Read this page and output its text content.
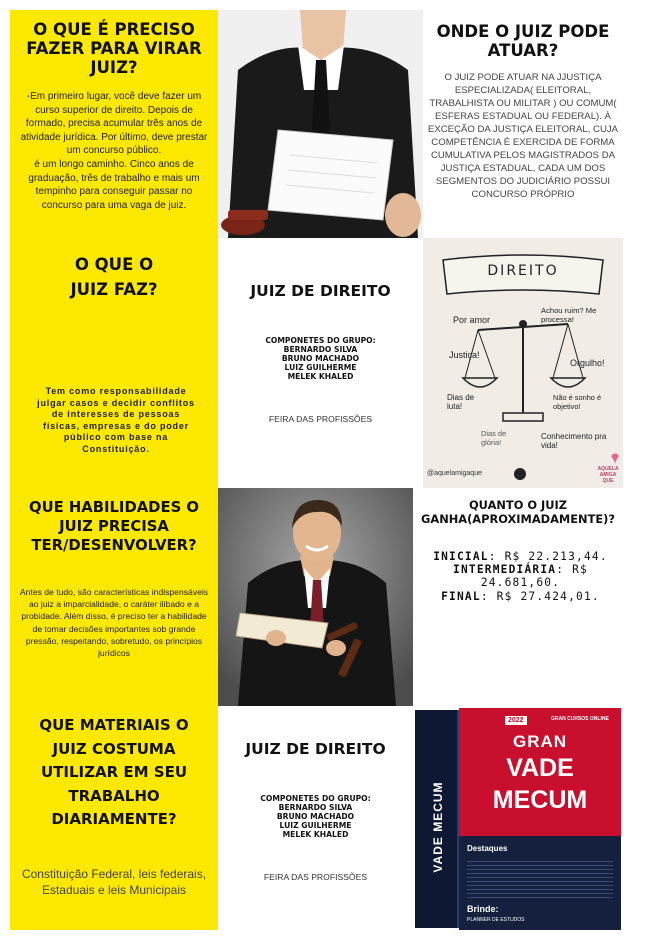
O QUE É PRECISO FAZER PARA VIRAR JUIZ?
-Em primeiro lugar, você deve fazer um curso superior de direito. Depois de formado, precisa acumular três anos de atividade jurídica. Por último, deve prestar um concurso público.
é um longo caminho. Cinco anos de graduação, três de trabalho e mais um tempinho para conseguir passar no concurso para uma vaga de juiz.
ONDE O JUIZ PODE ATUAR?
O JUIZ PODE ATUAR NA JJUSTIÇA ESPECIALIZADA( ELEITORAL, TRABALHISTA OU MILITAR ) OU COMUM( ESFERAS ESTADUAL OU FEDERAL). À EXCEÇÃO DA JUSTIÇA ELEITORAL, CUJA COMPETÊNCIA É EXERCIDA DE FORMA CUMULATIVA PELOS MAGISTRADOS DA JUSTIÇA ESTADUAL, CADA UM DOS SEGMENTOS DO JUDICIÁRIO POSSUI CONCURSO PRÓPRIO
O QUE O JUIZ FAZ?
Tem como responsabilidade julgar casos e decidir conflitos de interesses de pessoas físicas, empresas e do poder público com base na Constituição.
JUIZ DE DIREITO
COMPONETES DO GRUPO:
BERNARDO SILVA
BRUNO MACHADO
LUIZ GUILHERME
MELEK KHALED
FEIRA DAS PROFISSÕES
DIREITO
Por amor
Achou ruim? Me processa!
Justiça!
Orgulho!
Dias de luta!
Não é sonho é objetivo!
Dias de glória!
Conhecimento pra vida!
@aquelamigaque
AQUELA AMIGA QUE
QUE HABILIDADES O JUIZ PRECISA TER/DESENVOLVER?
Antes de tudo, são características indispensáveis ao juiz a imparcialidade, o caráter ilibado e a probidade. Além disso, é preciso ter a habilidade de tomar decisões importantes sob grande pressão, respeitando, sobretudo, os princípios jurídicos
QUANTO O JUIZ GANHA(APROXIMADAMENTE)?
INICIAL: R$ 22.213,44.
INTERMEDIÁRIA: R$ 24.681,60.
FINAL: R$ 27.424,01.
QUE MATERIAIS O JUIZ COSTUMA UTILIZAR EM SEU TRABALHO DIARIAMENTE?
Constituição Federal, leis federais, Estaduais e leis Municipais
JUIZ DE DIREITO
COMPONETES DO GRUPO:
BERNARDO SILVA
BRUNO MACHADO
LUIZ GUILHERME
MELEK KHALED
FEIRA DAS PROFISSÕES
VADE MECUM
2022	GRAN CURSOS ONLINE
GRAN
VADE
MECUM
Destaques
Brinde:
PLANNER DE ESTUDOS
